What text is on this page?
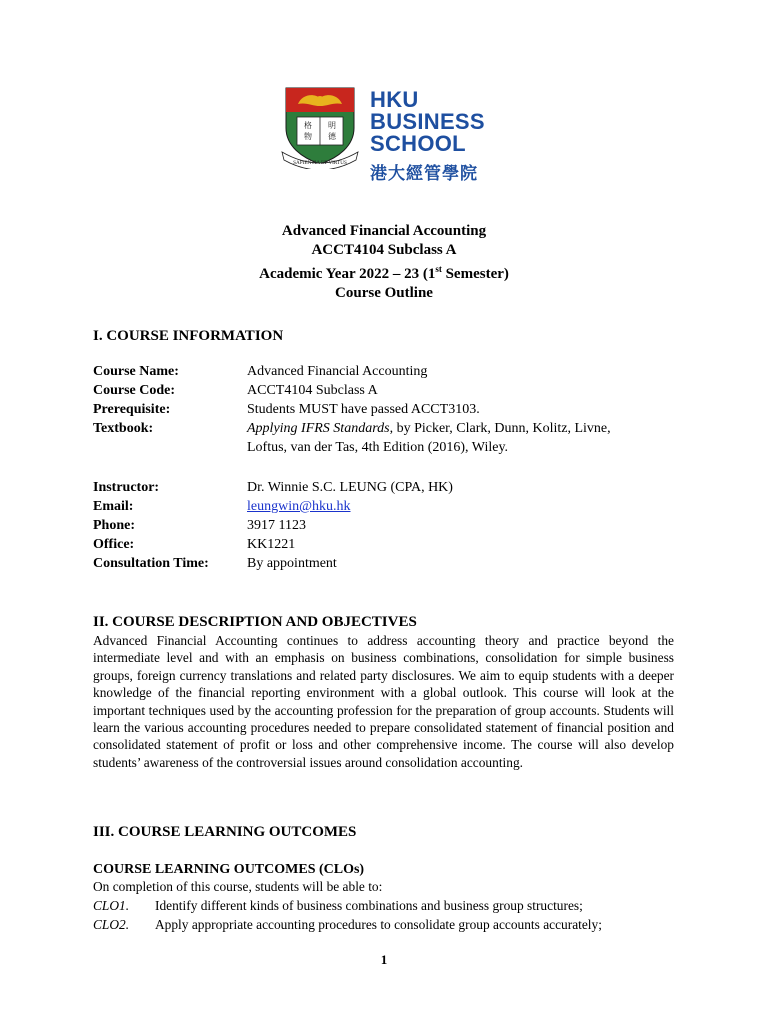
格
物
明
德
SAPIENTIA ET VIRTUS
HKU
BUSINESS
SCHOOL
港大經管學院
Advanced Financial Accounting
ACCT4104 Subclass A
Academic Year 2022 – 23 (1st Semester)
Course Outline
I. COURSE INFORMATION
Course Name:	Advanced Financial Accounting
Course Code:	ACCT4104 Subclass A
Prerequisite:	Students MUST have passed ACCT3103.
Textbook:	Applying IFRS Standards, by Picker, Clark, Dunn, Kolitz, Livne,
Loftus, van der Tas, 4th Edition (2016), Wiley.
Instructor:	Dr. Winnie S.C. LEUNG (CPA, HK)
Email:	leungwin@hku.hk
Phone:	3917 1123
Office:	KK1221
Consultation Time:	By appointment
II. COURSE DESCRIPTION AND OBJECTIVES
Advanced Financial Accounting continues to address accounting theory and practice beyond the intermediate level and with an emphasis on business combinations, consolidation for simple business groups, foreign currency translations and related party disclosures. We aim to equip students with a deeper knowledge of the financial reporting environment with a global outlook. This course will look at the important techniques used by the accounting profession for the preparation of group accounts. Students will learn the various accounting procedures needed to prepare consolidated statement of financial position and consolidated statement of profit or loss and other comprehensive income. The course will also develop students’ awareness of the controversial issues around consolidation accounting.
III. COURSE LEARNING OUTCOMES
COURSE LEARNING OUTCOMES (CLOs)
On completion of this course, students will be able to:
CLO1. Identify different kinds of business combinations and business group structures;
CLO2. Apply appropriate accounting procedures to consolidate group accounts accurately;
1
